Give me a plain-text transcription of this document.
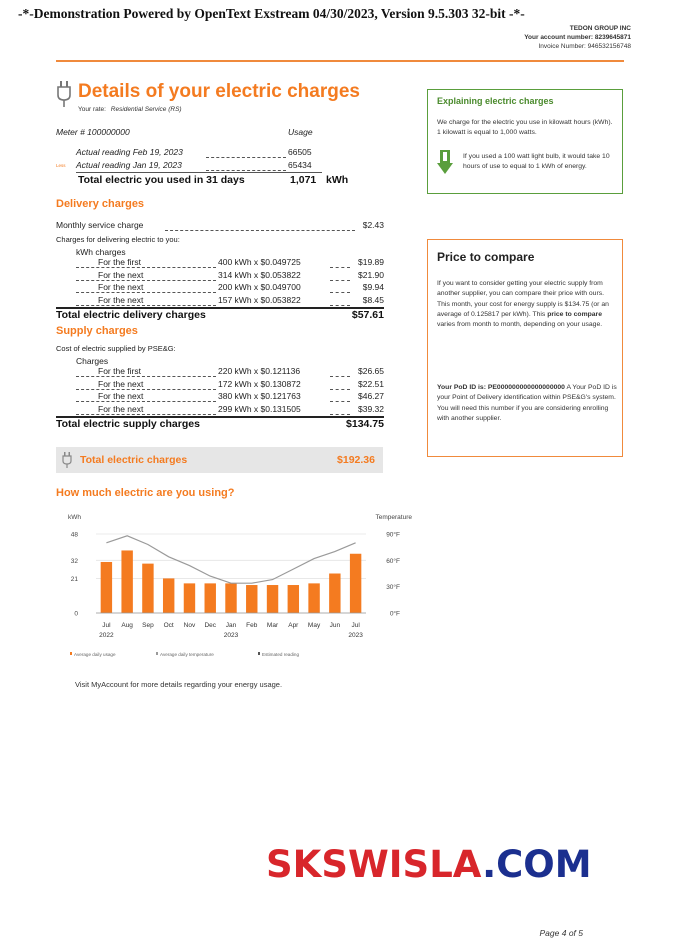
-*-Demonstration Powered by OpenText Exstream 04/30/2023, Version 9.5.303 32-bit -*-
TEDON GROUP INC
Your account number: 8239645871
Invoice Number: 946532156748
Details of your electric charges
Your rate: Residential Service (RS)
Meter # 100000000	Usage
Actual reading Feb 19, 2023	66505
Less Actual reading Jan 19, 2023	65434
Total electric you used in 31 days	1,071 kWh
Delivery charges
Monthly service charge	$2.43
Charges for delivering electric to you:
kWh charges
For the first	400 kWh x $0.049725	$19.89
For the next	314 kWh x $0.053822	$21.90
For the next	200 kWh x $0.049700	$9.94
For the next	157 kWh x $0.053822	$8.45
Total electric delivery charges	$57.61
Supply charges
Cost of electric supplied by PSE&G:
Charges
For the first	220 kWh x $0.121136	$26.65
For the next	172 kWh x $0.130872	$22.51
For the next	380 kWh x $0.121763	$46.27
For the next	299 kWh x $0.131505	$39.32
Total electric supply charges	$134.75
Total electric charges	$192.36
Explaining electric charges
We charge for the electric you use in kilowatt hours (kWh). 1 kilowatt is equal to 1,000 watts.
If you used a 100 watt light bulb, it would take 10 hours of use to equal to 1 kWh of energy.
Price to compare
If you want to consider getting your electric supply from another supplier, you can compare their price with ours. This month, your cost for energy supply is $134.75 (or an average of 0.125817 per kWh). This price to compare varies from month to month, depending on your usage.
Your PoD ID is: PE000000000000000000 A Your PoD ID is your Point of Delivery identification within PSE&G's system. You will need this number if you are considering enrolling with another supplier.
How much electric are you using?
0
21
32
48
0°F
30°F
60°F
90°F
kWh	Temperature
Jul Aug Sep Oct Nov Dec Jan Feb Mar Apr May Jun Jul
2022	2023	2023
Average daily usage	Average daily temperature	Estimated reading
Visit MyAccount for more details regarding your energy usage.
SKSWISLA.COM
Page 4 of 5
